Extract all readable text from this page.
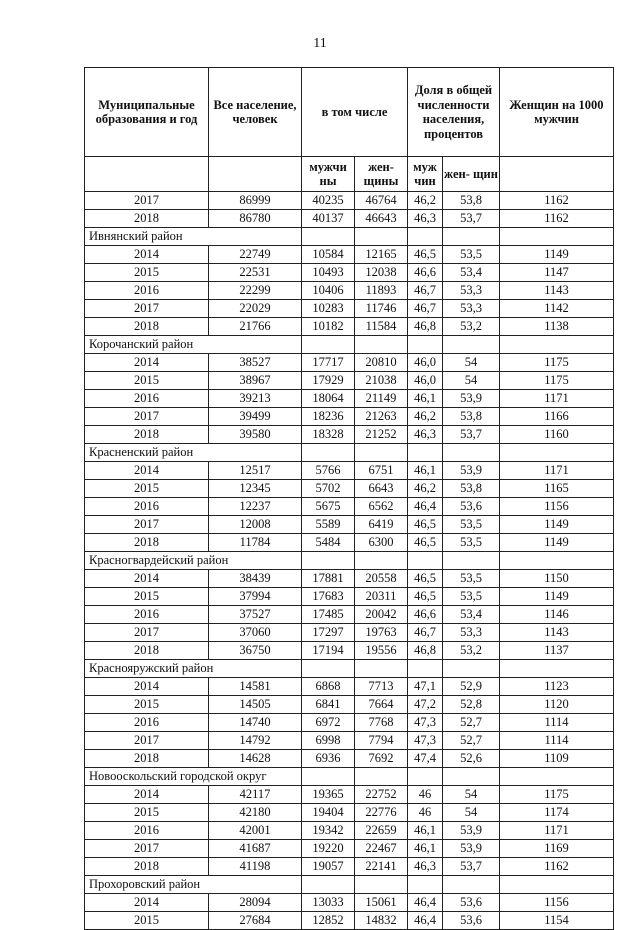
11
Муниципальные образования и год	Все население, человек	в том числе		Доля в общей численности населения, процентов		Женщин на 1000 мужчин
		мужчи ны	жен- щины	муж чин	жен- щин	
2017	86999	40235	46764	46,2	53,8	1162
2018	86780	40137	46643	46,3	53,7	1162
Ивнянский район						
2014	22749	10584	12165	46,5	53,5	1149
2015	22531	10493	12038	46,6	53,4	1147
2016	22299	10406	11893	46,7	53,3	1143
2017	22029	10283	11746	46,7	53,3	1142
2018	21766	10182	11584	46,8	53,2	1138
Корочанский район						
2014	38527	17717	20810	46,0	54	1175
2015	38967	17929	21038	46,0	54	1175
2016	39213	18064	21149	46,1	53,9	1171
2017	39499	18236	21263	46,2	53,8	1166
2018	39580	18328	21252	46,3	53,7	1160
Красненский район						
2014	12517	5766	6751	46,1	53,9	1171
2015	12345	5702	6643	46,2	53,8	1165
2016	12237	5675	6562	46,4	53,6	1156
2017	12008	5589	6419	46,5	53,5	1149
2018	11784	5484	6300	46,5	53,5	1149
Красногвардейский район						
2014	38439	17881	20558	46,5	53,5	1150
2015	37994	17683	20311	46,5	53,5	1149
2016	37527	17485	20042	46,6	53,4	1146
2017	37060	17297	19763	46,7	53,3	1143
2018	36750	17194	19556	46,8	53,2	1137
Краснояружский район						
2014	14581	6868	7713	47,1	52,9	1123
2015	14505	6841	7664	47,2	52,8	1120
2016	14740	6972	7768	47,3	52,7	1114
2017	14792	6998	7794	47,3	52,7	1114
2018	14628	6936	7692	47,4	52,6	1109
Новооскольский городской округ						
2014	42117	19365	22752	46	54	1175
2015	42180	19404	22776	46	54	1174
2016	42001	19342	22659	46,1	53,9	1171
2017	41687	19220	22467	46,1	53,9	1169
2018	41198	19057	22141	46,3	53,7	1162
Прохоровский район						
2014	28094	13033	15061	46,4	53,6	1156
2015	27684	12852	14832	46,4	53,6	1154
